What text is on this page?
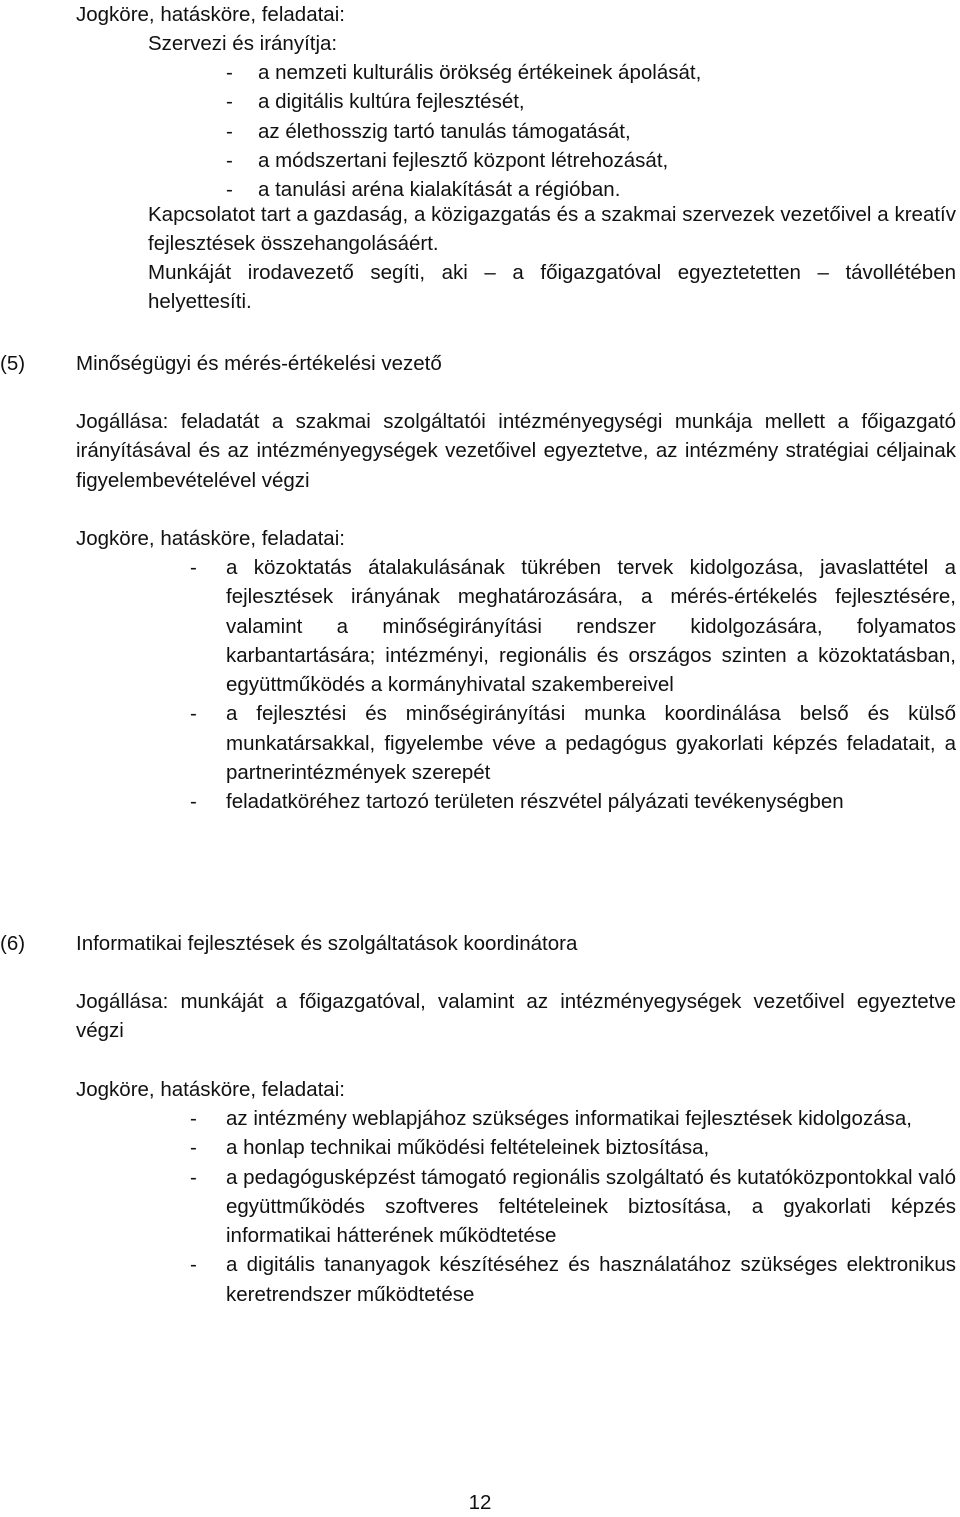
Jogköre, hatásköre, feladatai:
Szervezi és irányítja:
- a nemzeti kulturális örökség értékeinek ápolását,
- a digitális kultúra fejlesztését,
- az élethosszig tartó tanulás támogatását,
- a módszertani fejlesztő központ létrehozását,
- a tanulási aréna kialakítását a régióban.
Kapcsolatot tart a gazdaság, a közigazgatás és a szakmai szervezek vezetőivel a kreatív fejlesztések összehangolásáért.
Munkáját irodavezető segíti, aki – a főigazgatóval egyeztetetten – távollétében helyettesíti.
(5) Minőségügyi és mérés-értékelési vezető
Jogállása: feladatát a szakmai szolgáltatói intézményegységi munkája mellett a főigazgató irányításával és az intézményegységek vezetőivel egyeztetve, az intézmény stratégiai céljainak figyelembevételével végzi
Jogköre, hatásköre, feladatai:
- a közoktatás átalakulásának tükrében tervek kidolgozása, javaslattétel a fejlesztések irányának meghatározására, a mérés-értékelés fejlesztésére, valamint a minőségirányítási rendszer kidolgozására, folyamatos karbantartására; intézményi, regionális és országos szinten a közoktatásban, együttműködés a kormányhivatal szakembereivel
- a fejlesztési és minőségirányítási munka koordinálása belső és külső munkatársakkal, figyelembe véve a pedagógus gyakorlati képzés feladatait, a partnerintézmények szerepét
- feladatköréhez tartozó területen részvétel pályázati tevékenységben
(6) Informatikai fejlesztések és szolgáltatások koordinátora
Jogállása: munkáját a főigazgatóval, valamint az intézményegységek vezetőivel egyeztetve végzi
Jogköre, hatásköre, feladatai:
- az intézmény weblapjához szükséges informatikai fejlesztések kidolgozása,
- a honlap technikai működési feltételeinek biztosítása,
- a pedagógusképzést támogató regionális szolgáltató és kutatóközpontokkal való együttműködés szoftveres feltételeinek biztosítása, a gyakorlati képzés informatikai hátterének működtetése
- a digitális tananyagok készítéséhez és használatához szükséges elektronikus keretrendszer működtetése
12
